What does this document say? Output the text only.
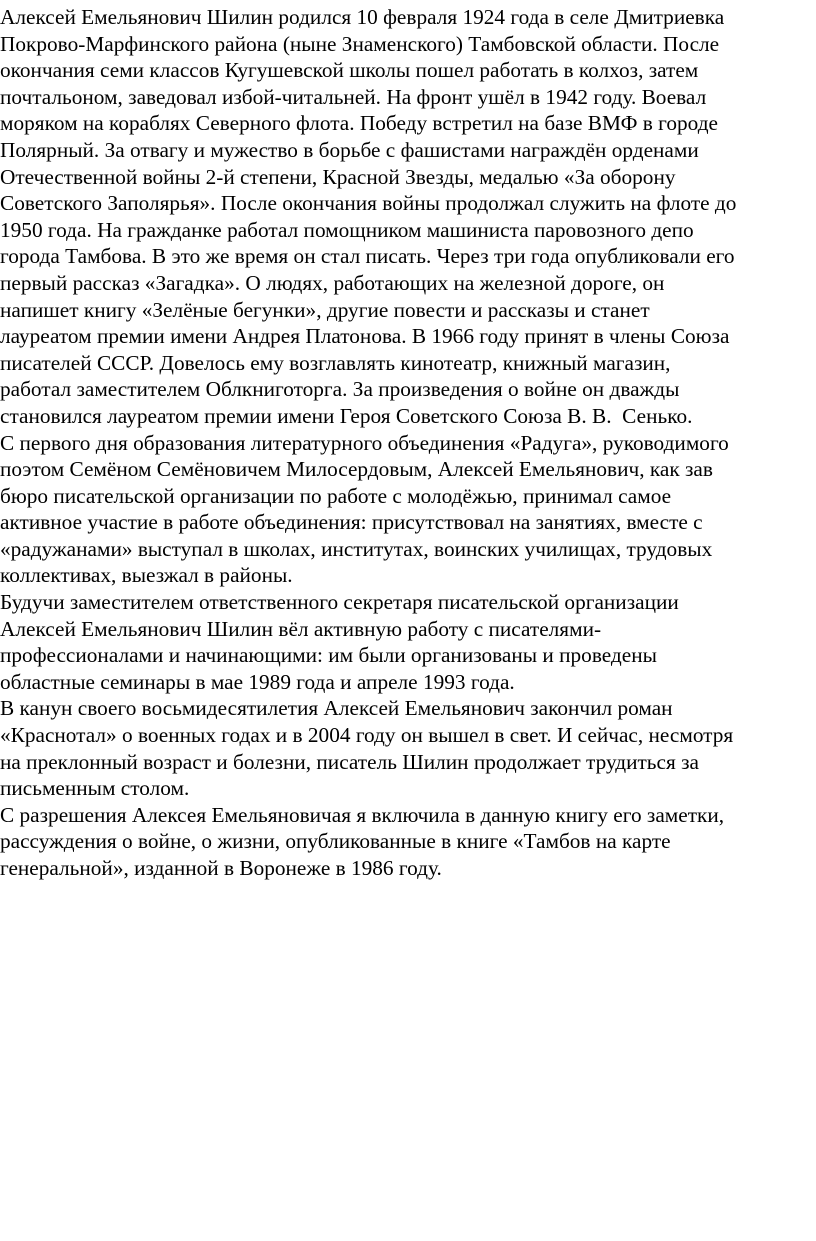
Алексей Емельянович Шилин родился 10 февраля 1924 года в селе Дмитриевка
Покрово-Марфинского района (ныне Знаменского) Тамбовской области. После
окончания семи классов Кугушевской школы пошел работать в колхоз, затем
почтальоном, заведовал избой-читальней. На фронт ушёл в 1942 году. Воевал
моряком на кораблях Северного флота. Победу встретил на базе ВМФ в городе
Полярный. За отвагу и мужество в борьбе с фашистами награждён орденами
Отечественной войны 2-й степени, Красной Звезды, медалью «За оборону
Советского Заполярья». После окончания войны продолжал служить на флоте до
1950 года. На гражданке работал помощником машиниста паровозного депо
города Тамбова. В это же время он стал писать. Через три года опубликовали его
первый рассказ «Загадка». О людях, работающих на железной дороге, он
напишет книгу «Зелёные бегунки», другие повести и рассказы и станет
лауреатом премии имени Андрея Платонова. В 1966 году принят в члены Союза
писателей СССР. Довелось ему возглавлять кинотеатр, книжный магазин,
работал заместителем Облкниготорга. За произведения о войне он дважды
становился лауреатом премии имени Героя Советского Союза В. В.  Сенько.
С первого дня образования литературного объединения «Радуга», руководимого
поэтом Семёном Семёновичем Милосердовым, Алексей Емельянович, как зав
бюро писательской организации по работе с молодёжью, принимал самое
активное участие в работе объединения: присутствовал на занятиях, вместе с
«радужанами» выступал в школах, институтах, воинских училищах, трудовых
коллективах, выезжал в районы.
Будучи заместителем ответственного секретаря писательской организации
Алексей Емельянович Шилин вёл активную работу с писателями-
профессионалами и начинающими: им были организованы и проведены
областные семинары в мае 1989 года и апреле 1993 года.
В канун своего восьмидесятилетия Алексей Емельянович закончил роман
«Краснотал» о военных годах и в 2004 году он вышел в свет. И сейчас, несмотря
на преклонный возраст и болезни, писатель Шилин продолжает трудиться за
письменным столом.
С разрешения Алексея Емельяновичая я включила в данную книгу его заметки,
рассуждения о войне, о жизни, опубликованные в книге «Тамбов на карте
генеральной», изданной в Воронеже в 1986 году.
